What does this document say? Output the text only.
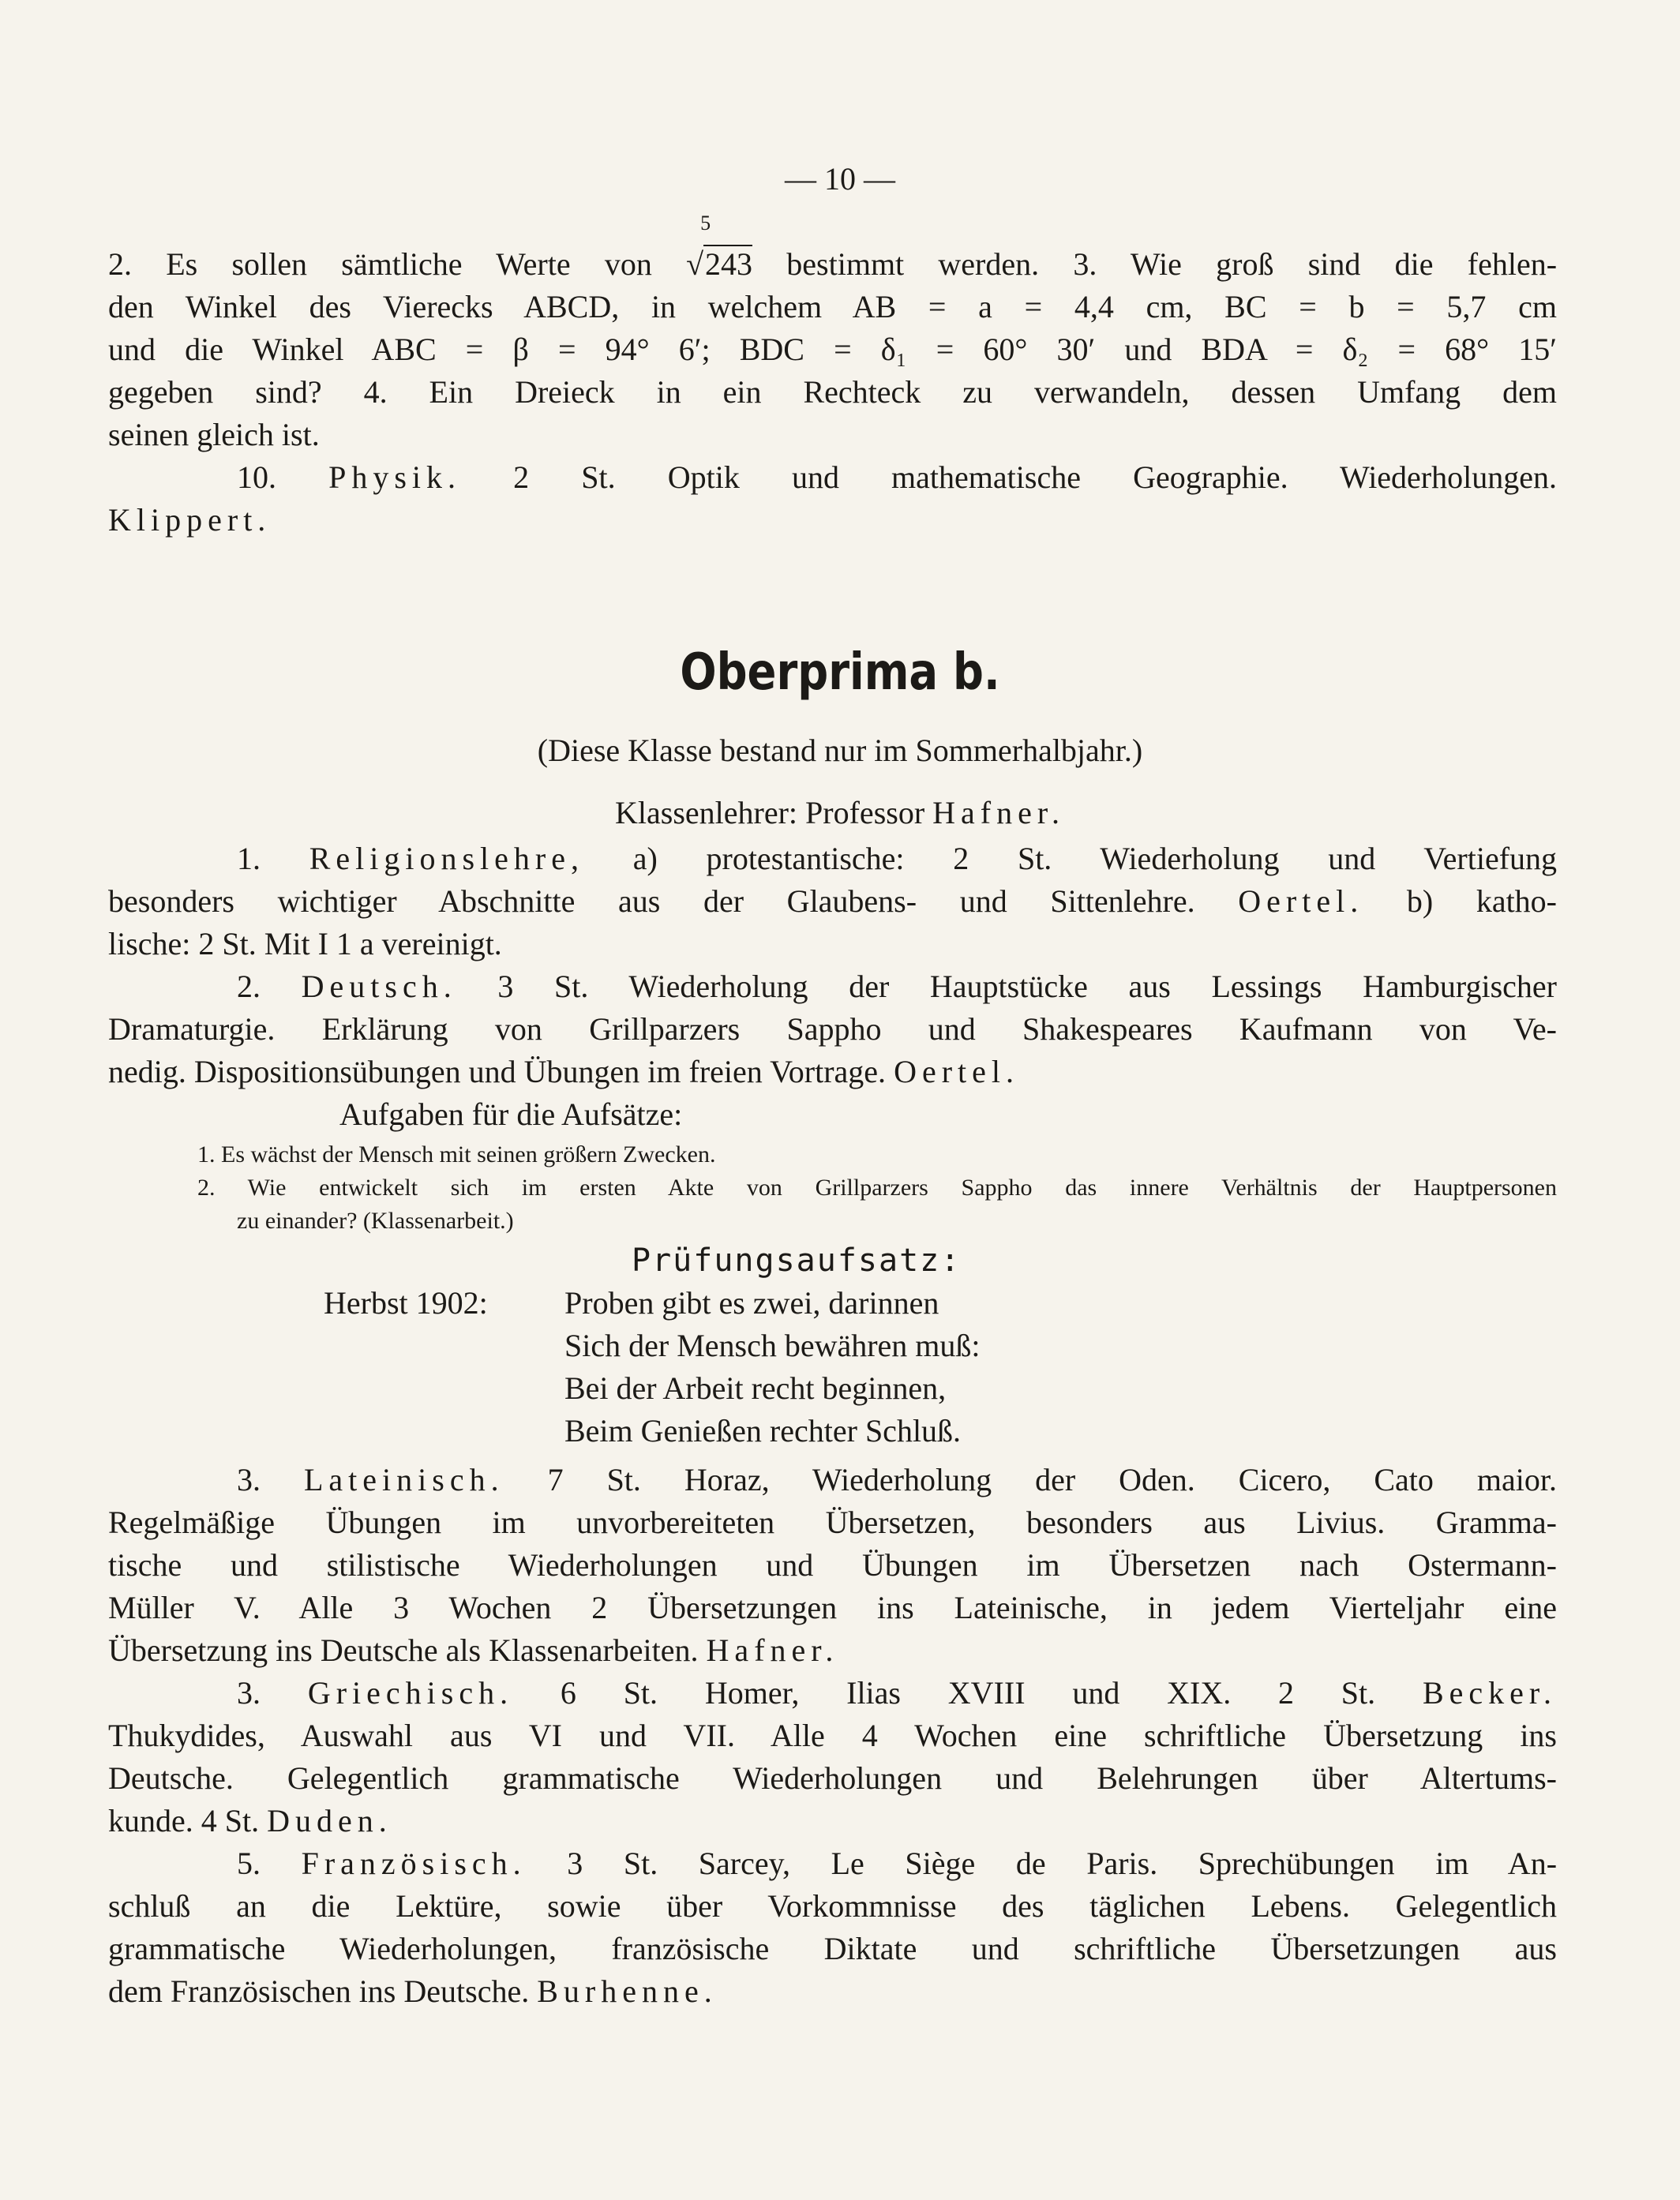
— 10 —
2. Es sollen sämtliche Werte von
5
√243 bestimmt werden. 3. Wie groß sind die fehlen-
den Winkel des Vierecks ABCD, in welchem AB = a = 4,4 cm, BC = b = 5,7 cm
und die Winkel ABC = β = 94° 6′; BDC = δ₁ = 60° 30′ und BDA = δ₂ = 68° 15′
gegeben sind? 4. Ein Dreieck in ein Rechteck zu verwandeln, dessen Umfang dem
seinen gleich ist.
10. Physik. 2 St. Optik und mathematische Geographie. Wiederholungen.
Klippert.
Oberprima b.
(Diese Klasse bestand nur im Sommerhalbjahr.)
Klassenlehrer: Professor Hafner.
1. Religionslehre, a) protestantische: 2 St. Wiederholung und Vertiefung
besonders wichtiger Abschnitte aus der Glaubens- und Sittenlehre. Oertel. b) katho-
lische: 2 St. Mit I 1 a vereinigt.
2. Deutsch. 3 St. Wiederholung der Hauptstücke aus Lessings Hamburgischer
Dramaturgie. Erklärung von Grillparzers Sappho und Shakespeares Kaufmann von Ve-
nedig. Dispositionsübungen und Übungen im freien Vortrage. Oertel.
Aufgaben für die Aufsätze:
1. Es wächst der Mensch mit seinen größern Zwecken.
2. Wie entwickelt sich im ersten Akte von Grillparzers Sappho das innere Verhältnis der Hauptpersonen
zu einander? (Klassenarbeit.)
Prüfungsaufsatz:
Herbst 1902: Proben gibt es zwei, darinnen
Sich der Mensch bewähren muß:
Bei der Arbeit recht beginnen,
Beim Genießen rechter Schluß.
3. Lateinisch. 7 St. Horaz, Wiederholung der Oden. Cicero, Cato maior.
Regelmäßige Übungen im unvorbereiteten Übersetzen, besonders aus Livius. Gramma-
tische und stilistische Wiederholungen und Übungen im Übersetzen nach Ostermann-
Müller V. Alle 3 Wochen 2 Übersetzungen ins Lateinische, in jedem Vierteljahr eine
Übersetzung ins Deutsche als Klassenarbeiten. Hafner.
3. Griechisch. 6 St. Homer, Ilias XVIII und XIX. 2 St. Becker.
Thukydides, Auswahl aus VI und VII. Alle 4 Wochen eine schriftliche Übersetzung ins
Deutsche. Gelegentlich grammatische Wiederholungen und Belehrungen über Altertums-
kunde. 4 St. Duden.
5. Französisch. 3 St. Sarcey, Le Siège de Paris. Sprechübungen im An-
schluß an die Lektüre, sowie über Vorkommnisse des täglichen Lebens. Gelegentlich
grammatische Wiederholungen, französische Diktate und schriftliche Übersetzungen aus
dem Französischen ins Deutsche. Burhenne.
